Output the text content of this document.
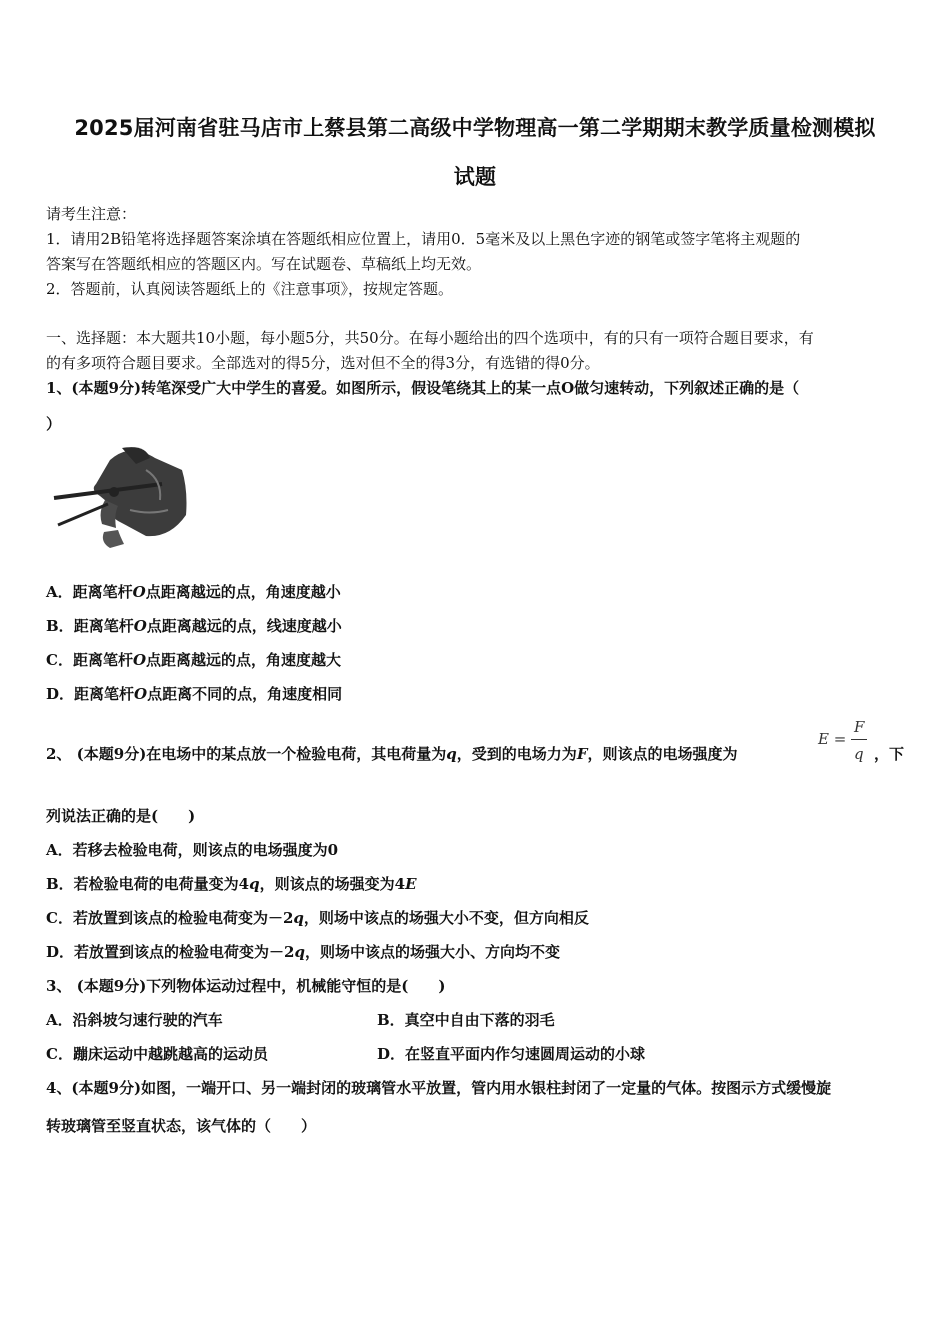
2025届河南省驻马店市上蔡县第二高级中学物理高一第二学期期末教学质量检测模拟
试题
请考生注意：
1．请用2B铅笔将选择题答案涂填在答题纸相应位置上，请用0．5毫米及以上黑色字迹的钢笔或签字笔将主观题的
答案写在答题纸相应的答题区内。写在试题卷、草稿纸上均无效。
2．答题前，认真阅读答题纸上的《注意事项》，按规定答题。
一、选择题：本大题共10小题，每小题5分，共50分。在每小题给出的四个选项中，有的只有一项符合题目要求，有
的有多项符合题目要求。全部选对的得5分，选对但不全的得3分，有选错的得0分。
1、(本题9分)转笔深受广大中学生的喜爱。如图所示，假设笔绕其上的某一点O做匀速转动，下列叙述正确的是（
）
A．距离笔杆O点距离越远的点，角速度越小
B．距离笔杆O点距离越远的点，线速度越小
C．距离笔杆O点距离越远的点，角速度越大
D．距离笔杆O点距离不同的点，角速度相同
2、 (本题9分)在电场中的某点放一个检验电荷，其电荷量为q，受到的电场力为F，则该点的电场强度为
E =
F
q ，下
列说法正确的是(　　)
A．若移去检验电荷，则该点的电场强度为0
B．若检验电荷的电荷量变为4q，则该点的场强变为4E
C．若放置到该点的检验电荷变为－2q，则场中该点的场强大小不变，但方向相反
D．若放置到该点的检验电荷变为－2q，则场中该点的场强大小、方向均不变
3、 (本题9分)下列物体运动过程中，机械能守恒的是(　　)
A．沿斜坡匀速行驶的汽车	B．真空中自由下落的羽毛
C．蹦床运动中越跳越高的运动员	D．在竖直平面内作匀速圆周运动的小球
4、(本题9分)如图，一端开口、另一端封闭的玻璃管水平放置，管内用水银柱封闭了一定量的气体。按图示方式缓慢旋
转玻璃管至竖直状态，该气体的（　　）
